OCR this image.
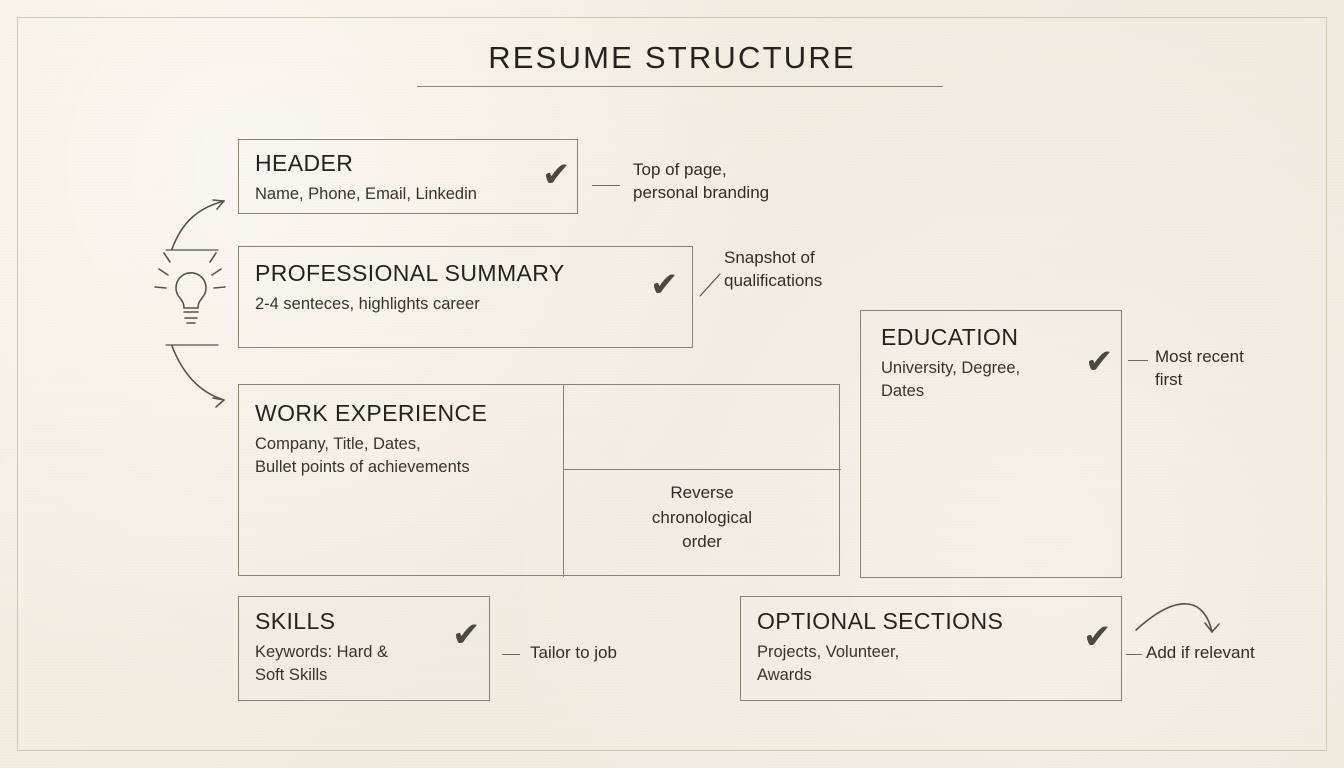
RESUME STRUCTURE
HEADER
Name, Phone, Email, Linkedin	✔	Top of page,
personal branding
PROFESSIONAL SUMMARY
2-4 senteces, highlights career	✔
Snapshot of
qualifications
WORK EXPERIENCE
Company, Title, Dates,
Bullet points of achievements
Reverse
chronological
order
EDUCATION
University, Degree,
Dates
✔ Most recent
first
SKILLS
Keywords: Hard &
Soft Skills
✔	Tailor to job
OPTIONAL SECTIONS
Projects, Volunteer,
Awards
✔ Add if relevant
